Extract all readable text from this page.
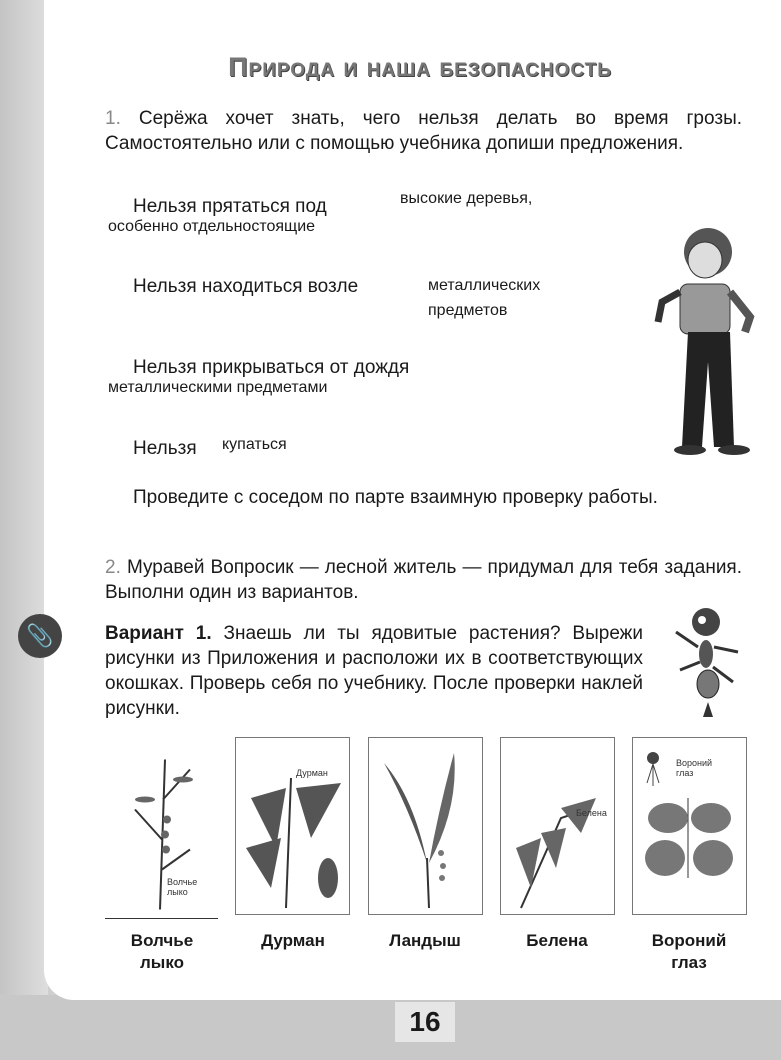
Природа и наша безопасность
1. Серёжа хочет знать, чего нельзя делать во время грозы. Самостоятельно или с помощью учебника допиши предложения.
Нельзя прятаться под	высокие деревья,
особенно отдельностоящие
Нельзя находиться возле	металлических
предметов
Нельзя прикрываться от дождя
металлическими предметами
Нельзя купаться
Проведите с соседом по парте взаимную проверку работы.
2. Муравей Вопросик — лесной житель — придумал для тебя задания. Выполни один из вариантов.
📎	Вариант 1. Знаешь ли ты ядовитые растения? Вырежи рисунки из Приложения и расположи их в соответствующих окошках. Проверь себя по учебнику. После проверки наклей рисунки.
Волчье лыко
Дурман
Белена
Вороний глаз
Волчье
лыко
Дурман	Ландыш	Белена	Вороний
глаз
16
